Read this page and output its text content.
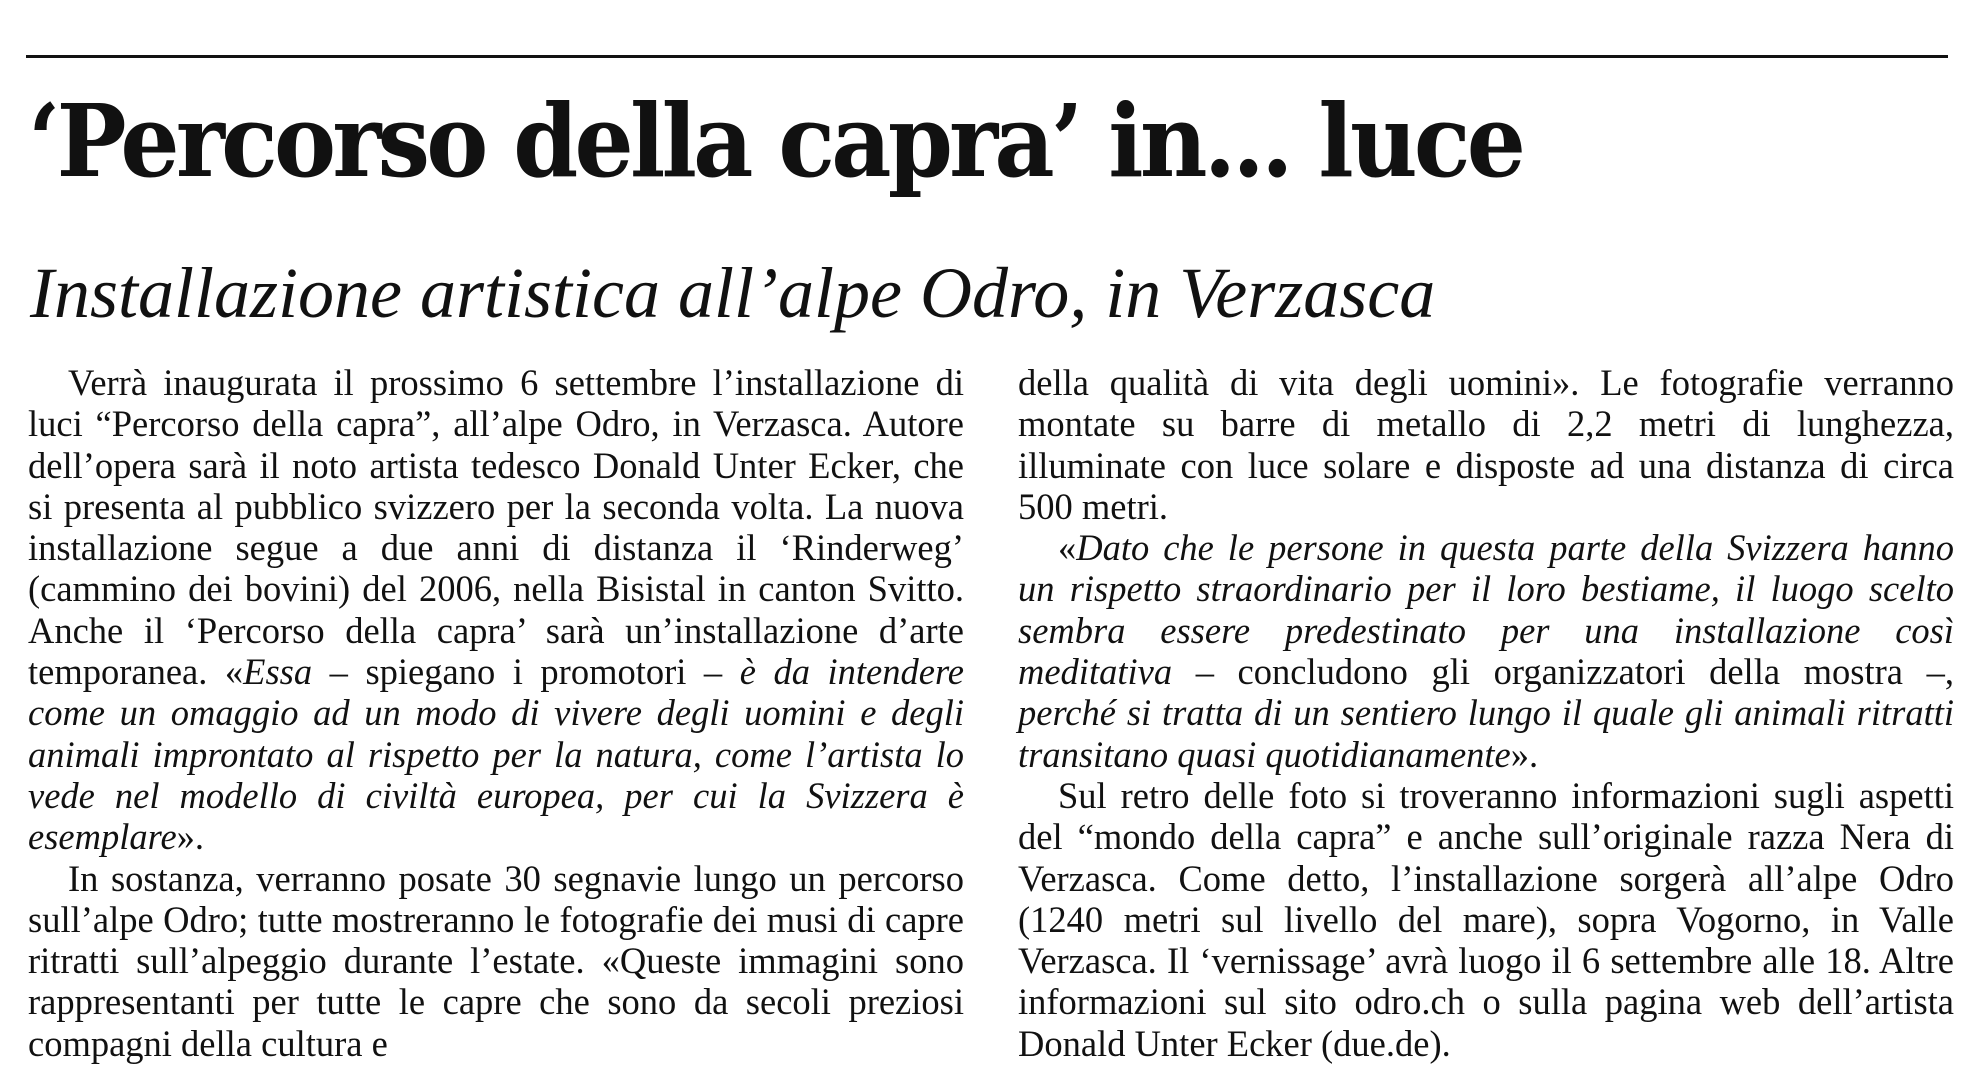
‘Percorso della capra’ in... luce
Installazione artistica all’alpe Odro, in Verzasca

Verrà inaugurata il prossimo 6 settembre l’installazione di luci “Percorso della capra”, all’alpe Odro, in Verzasca. Autore dell’opera sarà il noto artista tedesco Donald Unter Ecker, che si presenta al pubblico svizzero per la seconda volta. La nuova installazione segue a due anni di distanza il ‘Rinderweg’ (cammino dei bovini) del 2006, nella Bisistal in canton Svitto. Anche il ‘Percorso della capra’ sarà un’installazione d’arte temporanea. «Essa – spiegano i promotori – è da intendere come un omaggio ad un modo di vivere degli uomini e degli animali improntato al rispetto per la natura, come l’artista lo vede nel modello di civiltà europea, per cui la Svizzera è esemplare».

In sostanza, verranno posate 30 segnavie lungo un percorso sull’alpe Odro; tutte mostreranno le fotografie dei musi di capre ritratti sull’alpeggio durante l’estate. «Queste immagini sono rappresentanti per tutte le capre che sono da secoli preziosi compagni della cultura e

della qualità di vita degli uomini». Le fotografie verranno montate su barre di metallo di 2,2 metri di lunghezza, illuminate con luce solare e disposte ad una distanza di circa 500 metri.

«Dato che le persone in questa parte della Svizzera hanno un rispetto straordinario per il loro bestiame, il luogo scelto sembra essere predestinato per una installazione così meditativa – concludono gli organizzatori della mostra –, perché si tratta di un sentiero lungo il quale gli animali ritratti transitano quasi quotidianamente».

Sul retro delle foto si troveranno informazioni sugli aspetti del “mondo della capra” e anche sull’originale razza Nera di Verzasca. Come detto, l’installazione sorgerà all’alpe Odro (1240 metri sul livello del mare), sopra Vogorno, in Valle Verzasca. Il ‘vernissage’ avrà luogo il 6 settembre alle 18. Altre informazioni sul sito odro.ch o sulla pagina web dell’artista Donald Unter Ecker (due.de).
